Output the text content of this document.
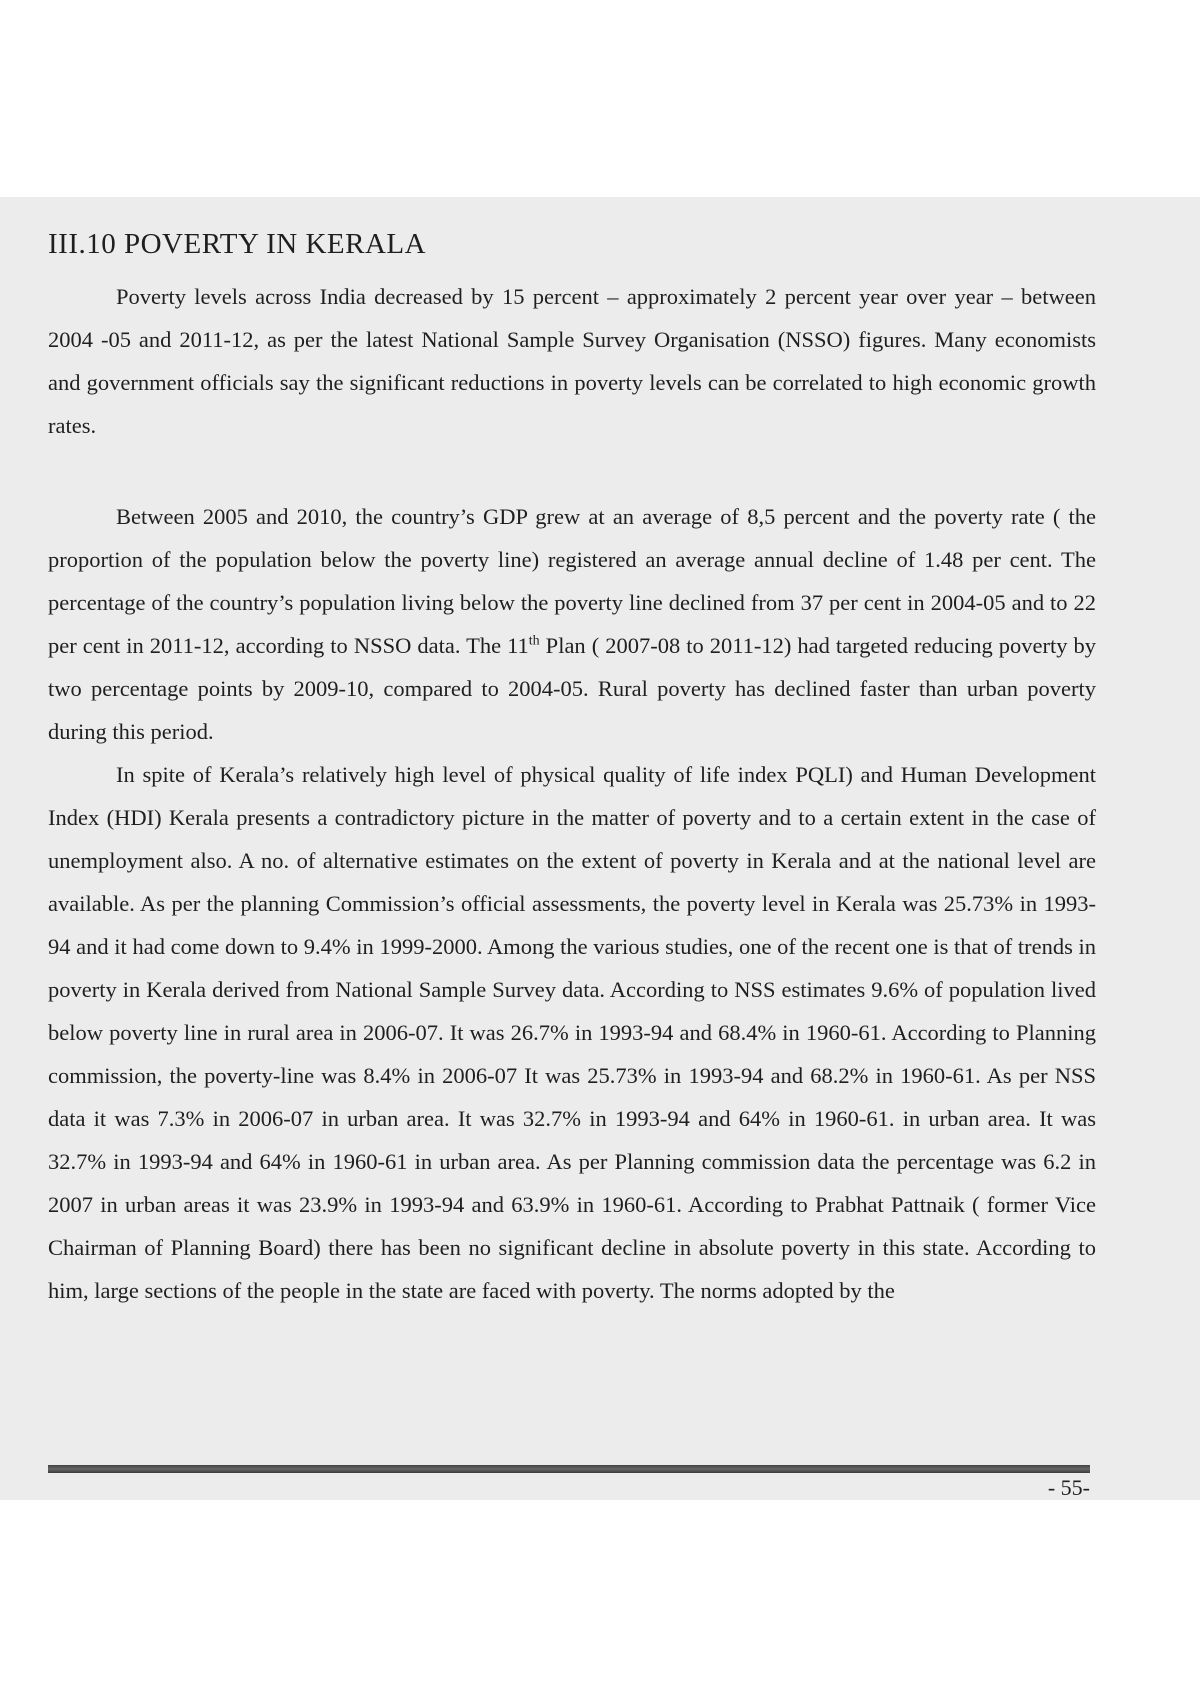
III.10 POVERTY IN KERALA

Poverty levels across India decreased by 15 percent – approximately 2 percent year over year – between 2004 -05 and 2011-12, as per the latest National Sample Survey Organisation (NSSO) figures. Many economists and government officials say the significant reductions in poverty levels can be correlated to high economic growth rates.

Between 2005 and 2010, the country’s GDP grew at an average of 8,5 percent and the poverty rate ( the proportion of the population below the poverty line) registered an average annual decline of 1.48 per cent. The percentage of the country’s population living below the poverty line declined from 37 per cent in 2004-05 and to 22 per cent in 2011-12, according to NSSO data. The 11th Plan ( 2007-08 to 2011-12) had targeted reducing poverty by two percentage points by 2009-10, compared to 2004-05. Rural poverty has declined faster than urban poverty during this period.

In spite of Kerala’s relatively high level of physical quality of life index PQLI) and Human Development Index (HDI) Kerala presents a contradictory picture in the matter of poverty and to a certain extent in the case of unemployment also. A no. of alternative estimates on the extent of poverty in Kerala and at the national level are available. As per the planning Commission’s official assessments, the poverty level in Kerala was 25.73% in 1993-94 and it had come down to 9.4% in 1999-2000. Among the various studies, one of the recent one is that of trends in poverty in Kerala derived from National Sample Survey data. According to NSS estimates 9.6% of population lived below poverty line in rural area in 2006-07. It was 26.7% in 1993-94 and 68.4% in 1960-61. According to Planning commission, the poverty-line was 8.4% in 2006-07 It was 25.73% in 1993-94 and 68.2% in 1960-61. As per NSS data it was 7.3% in 2006-07 in urban area. It was 32.7% in 1993-94 and 64% in 1960-61. in urban area. It was 32.7% in 1993-94 and 64% in 1960-61 in urban area. As per Planning commission data the percentage was 6.2 in 2007 in urban areas it was 23.9% in 1993-94 and 63.9% in 1960-61. According to Prabhat Pattnaik ( former Vice Chairman of Planning Board) there has been no significant decline in absolute poverty in this state. According to him, large sections of the people in the state are faced with poverty. The norms adopted by the

- 55-
